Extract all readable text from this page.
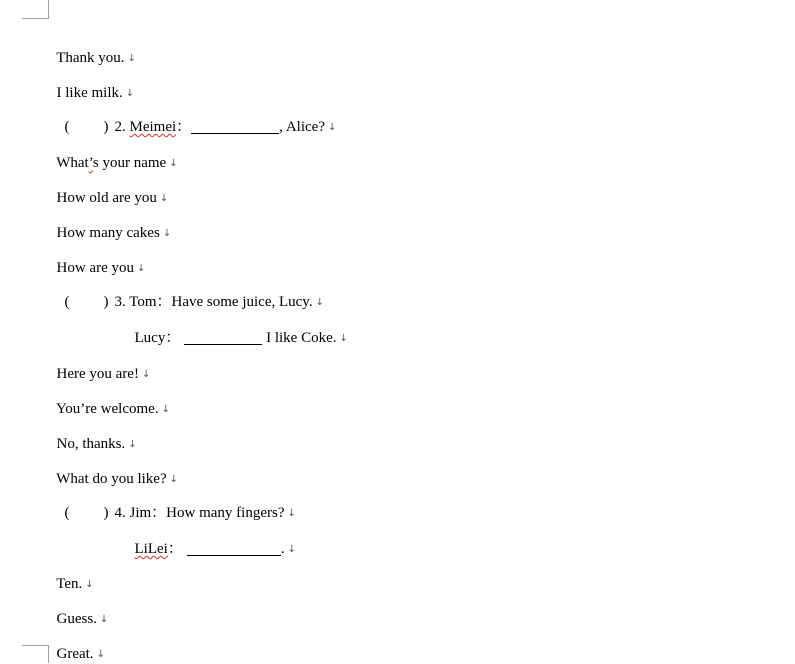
Thank you. ↓

I like milk. ↓

( ) 2. Meimei：	, Alice? ↓

What’s your name ↓

How old are you ↓

How many cakes ↓

How are you ↓

( ) 3. Tom：Have some juice, Lucy. ↓

Lucy：	I like Coke. ↓

Here you are! ↓

You’re welcome. ↓

No, thanks. ↓

What do you like? ↓

( ) 4. Jim：How many fingers? ↓

LiLei：	. ↓

Ten. ↓

Guess. ↓

Great. ↓
